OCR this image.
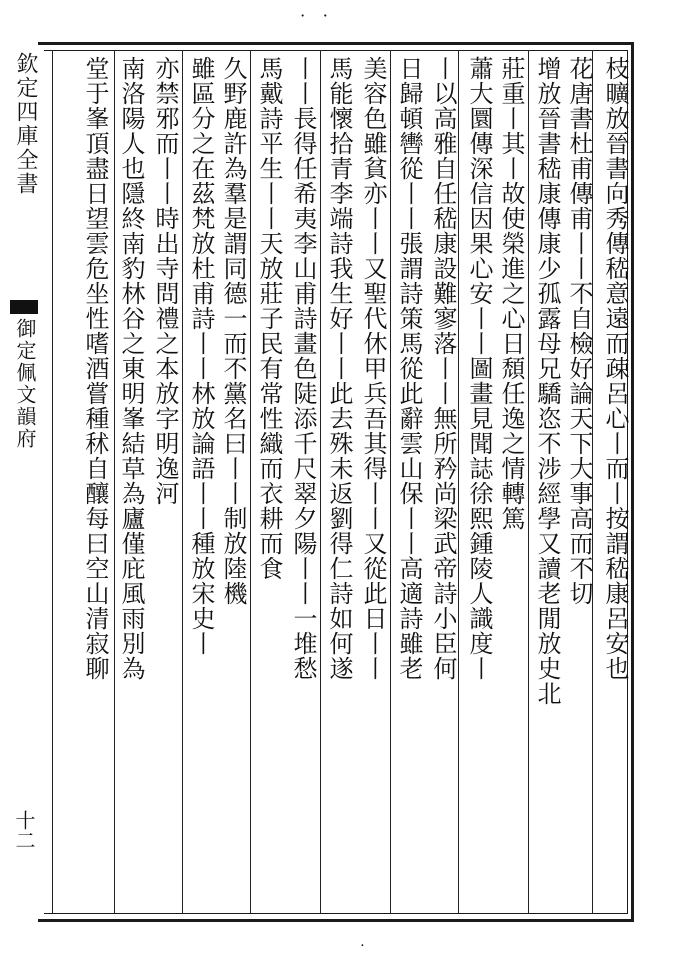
⋅ ⋅
欽定四庫全書
御定佩文韻府
十二
枝曠放晉書向秀傳嵇意遠而疎呂心丨而丨按謂嵇康呂安也
花唐書杜甫傳甫丨丨不自檢好論天下大事高而不切
增放晉書嵇康傳康少孤露母兄驕恣不涉經學又讀老閒放史北
莊重丨其丨故使榮進之心日頹任逸之情轉篤
蕭大圜傳深信因果心安丨丨圖畫見聞誌徐熙鍾陵人識度丨
丨以高雅自任嵇康設難寥落丨丨無所矜尚梁武帝詩小臣何
日歸頓轡從丨丨張謂詩策馬從此辭雲山保丨丨高適詩雖老
美容色雖貧亦丨丨又聖代休甲兵吾其得丨丨又從此日丨丨
馬能懷拾青李端詩我生好丨丨此去殊未返劉得仁詩如何遂
丨丨長得任希夷李山甫詩畫色陡添千尺翠夕陽丨丨一堆愁
馬戴詩平生丨丨天放莊子民有常性織而衣耕而食
久野鹿許為羣是謂同德一而不黨名曰丨丨制放陸機
雖區分之在茲梵放杜甫詩丨丨林放論語丨丨種放宋史丨
亦禁邪而丨丨時出寺問禮之本放字明逸河
南洛陽人也隱終南豹林谷之東明峯結草為廬僅庇風雨別為
堂于峯頂盡日望雲危坐性嗜酒嘗種秫自釀每曰空山清寂聊
⋅
